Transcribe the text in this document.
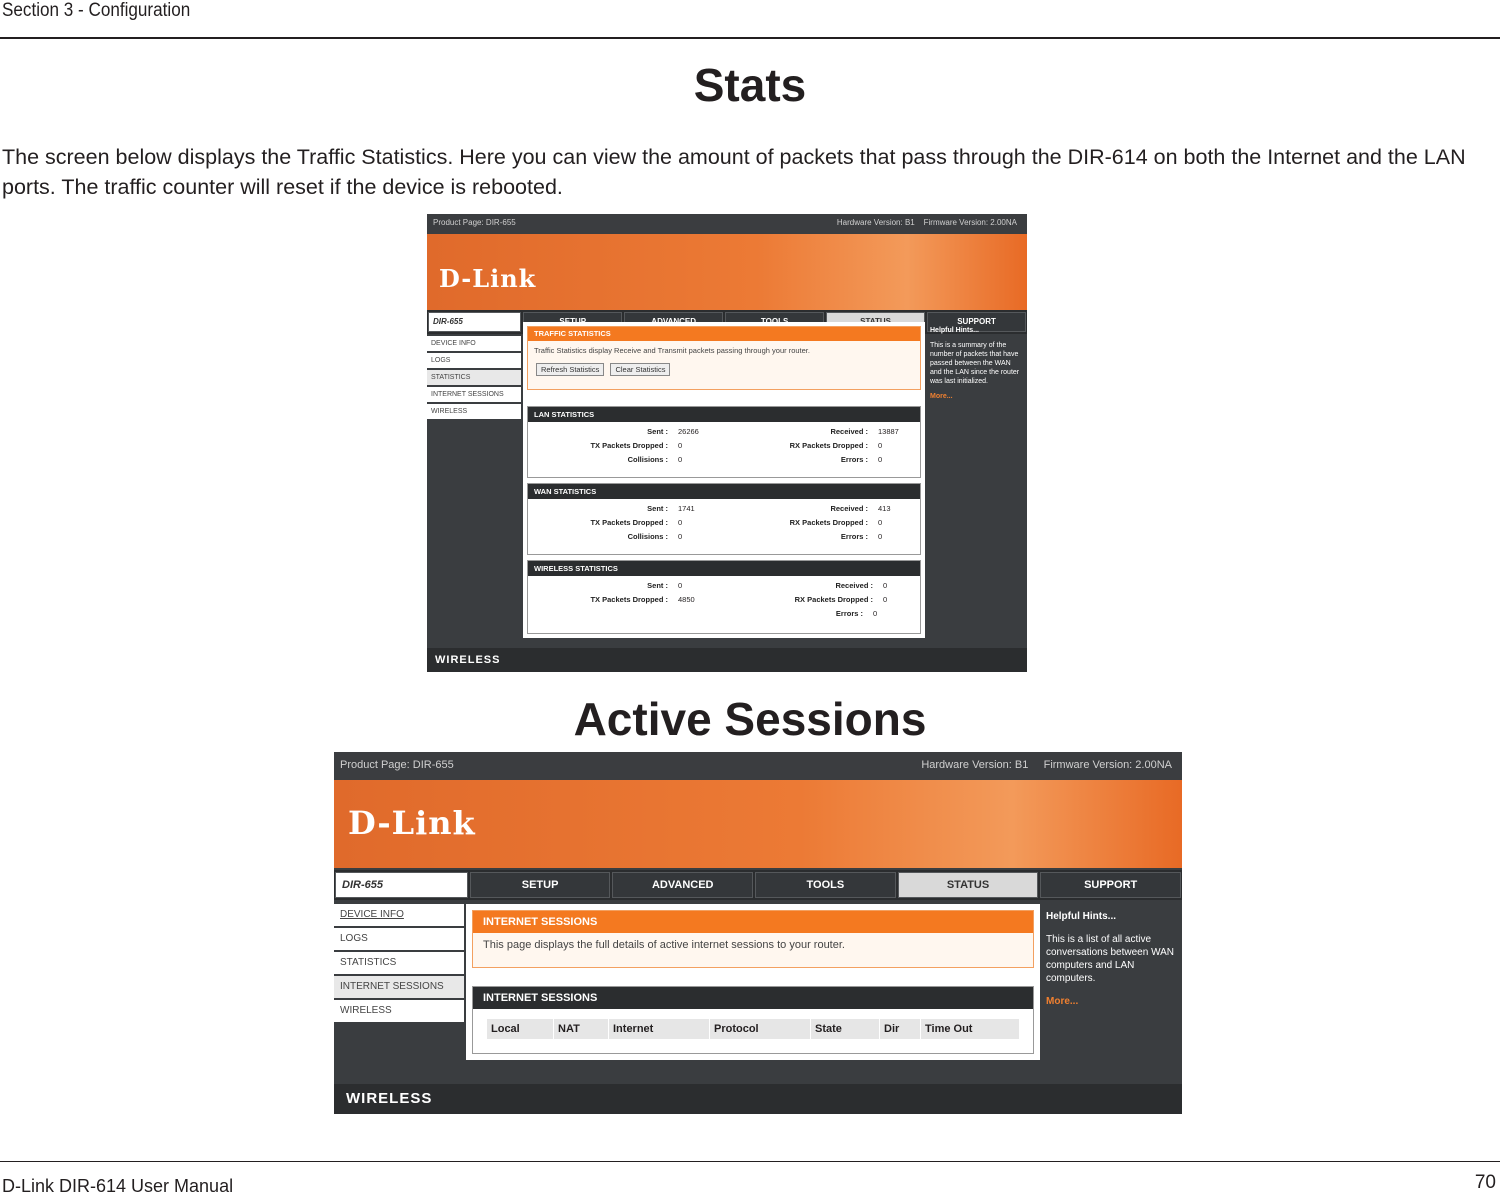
Section 3 - Configuration
Stats
The screen below displays the Traffic Statistics. Here you can view the amount of packets that pass through the DIR-614 on both the Internet and the LAN
ports. The traffic counter will reset if the device is rebooted.
Product Page: DIR-655	Hardware Version: B1 Firmware Version: 2.00NA
D-Link
DIR-655	SUPPORT
DEVICE INFO
LOGS
STATISTICS
INTERNET SESSIONS
WIRELESS
TRAFFIC STATISTICS
Traffic Statistics display Receive and Transmit packets passing through your router.
Refresh Statistics Clear Statistics
LAN STATISTICS
Sent :	26266	Received :	13887
TX Packets Dropped :	0	RX Packets Dropped :	0
Collisions :	0	Errors :	0
WAN STATISTICS
Sent :	1741	Received :	413
TX Packets Dropped :	0	RX Packets Dropped :	0
Collisions :	0	Errors :	0
WIRELESS STATISTICS
Sent :	0	Received :	0
TX Packets Dropped :	4850	RX Packets Dropped :	0
Errors :	0
Helpful Hints...
This is a summary of the number of packets that have passed between the WAN and the LAN since the router was last initialized.
More...
WIRELESS
Active Sessions
Product Page: DIR-655	Hardware Version: B1 Firmware Version: 2.00NA
D-Link
DIR-655	SETUP	ADVANCED	TOOLS	STATUS	SUPPORT
DEVICE INFO
LOGS
STATISTICS
INTERNET SESSIONS
WIRELESS
INTERNET SESSIONS
This page displays the full details of active internet sessions to your router.
INTERNET SESSIONS
Local	NAT	Internet	Protocol	State	Dir	Time Out
Helpful Hints...
This is a list of all active conversations between WAN computers and LAN computers.
More...
WIRELESS
D-Link DIR-614 User Manual	70
